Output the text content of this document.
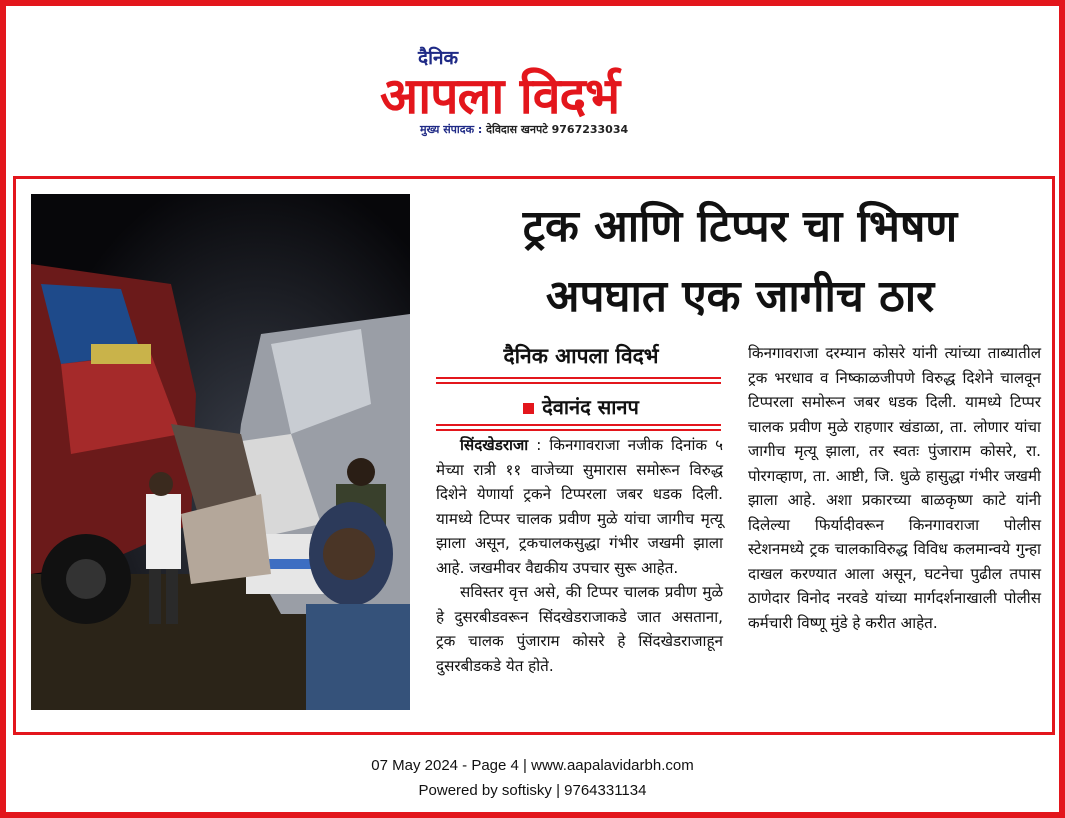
दैनिक
आपला विदर्भ
मुख्य संपादक : देविदास खनपटे 9767233034
ट्रक आणि टिप्पर चा भिषण
अपघात एक जागीच ठार
दैनिक आपला विदर्भ
देवानंद सानप

सिंदखेडराजा : किनगावराजा नजीक दिनांक ५ मेच्या रात्री ११ वाजेच्या सुमारास समोरून विरुद्ध दिशेने येणार्या ट्रकने टिप्परला जबर धडक दिली. यामध्ये टिप्पर चालक प्रवीण मुळे यांचा जागीच मृत्यू झाला असून, ट्रकचालकसुद्धा गंभीर जखमी झाला आहे. जखमीवर वैद्यकीय उपचार सुरू आहेत.

सविस्तर वृत्त असे, की टिप्पर चालक प्रवीण मुळे हे दुसरबीडवरून सिंदखेडराजाकडे जात असताना, ट्रक चालक पुंजाराम कोसरे हे सिंदखेडराजाहून दुसरबीडकडे येत होते.

किनगावराजा दरम्यान कोसरे यांनी त्यांच्या ताब्यातील ट्रक भरधाव व निष्काळजीपणे विरुद्ध दिशेने चालवून टिप्परला समोरून जबर धडक दिली. यामध्ये टिप्पर चालक प्रवीण मुळे राहणार खंडाळा, ता. लोणार यांचा जागीच मृत्यू झाला, तर स्वतः पुंजाराम कोसरे, रा. पोरगव्हाण, ता. आष्टी, जि. धुळे हासुद्धा गंभीर जखमी झाला आहे. अशा प्रकारच्या बाळकृष्ण काटे यांनी दिलेल्या फिर्यादीवरून किनगावराजा पोलीस स्टेशनमध्ये ट्रक चालकाविरुद्ध विविध कलमान्वये गुन्हा दाखल करण्यात आला असून, घटनेचा पुढील तपास ठाणेदार विनोद नरवडे यांच्या मार्गदर्शनाखाली पोलीस कर्मचारी विष्णू मुंडे हे करीत आहेत.

07 May 2024 - Page 4 | www.aapalavidarbh.com
Powered by softisky | 9764331134
